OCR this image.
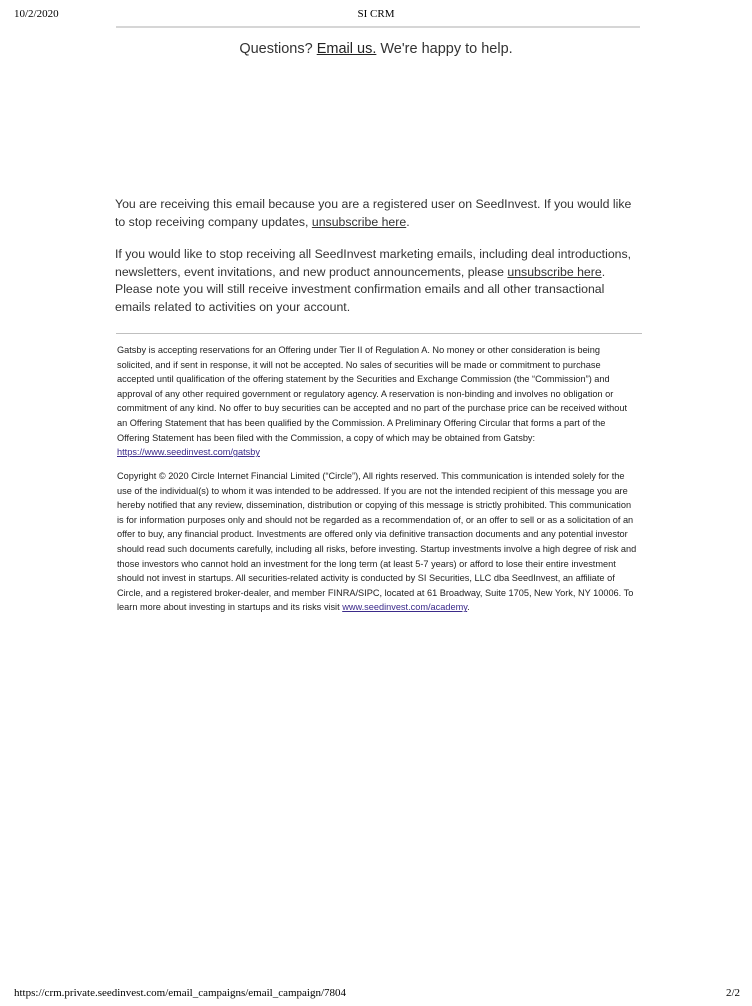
10/2/2020	SI CRM
Questions? Email us. We're happy to help.
You are receiving this email because you are a registered user on SeedInvest. If you would like to stop receiving company updates, unsubscribe here.
If you would like to stop receiving all SeedInvest marketing emails, including deal introductions, newsletters, event invitations, and new product announcements, please unsubscribe here. Please note you will still receive investment confirmation emails and all other transactional emails related to activities on your account.
Gatsby is accepting reservations for an Offering under Tier II of Regulation A. No money or other consideration is being solicited, and if sent in response, it will not be accepted. No sales of securities will be made or commitment to purchase accepted until qualification of the offering statement by the Securities and Exchange Commission (the “Commission”) and approval of any other required government or regulatory agency. A reservation is non-binding and involves no obligation or commitment of any kind. No offer to buy securities can be accepted and no part of the purchase price can be received without an Offering Statement that has been qualified by the Commission. A Preliminary Offering Circular that forms a part of the Offering Statement has been filed with the Commission, a copy of which may be obtained from Gatsby: https://www.seedinvest.com/gatsby
Copyright © 2020 Circle Internet Financial Limited (“Circle”), All rights reserved. This communication is intended solely for the use of the individual(s) to whom it was intended to be addressed. If you are not the intended recipient of this message you are hereby notified that any review, dissemination, distribution or copying of this message is strictly prohibited. This communication is for information purposes only and should not be regarded as a recommendation of, or an offer to sell or as a solicitation of an offer to buy, any financial product. Investments are offered only via definitive transaction documents and any potential investor should read such documents carefully, including all risks, before investing. Startup investments involve a high degree of risk and those investors who cannot hold an investment for the long term (at least 5-7 years) or afford to lose their entire investment should not invest in startups. All securities-related activity is conducted by SI Securities, LLC dba SeedInvest, an affiliate of Circle, and a registered broker-dealer, and member FINRA/SIPC, located at 61 Broadway, Suite 1705, New York, NY 10006. To learn more about investing in startups and its risks visit www.seedinvest.com/academy.
https://crm.private.seedinvest.com/email_campaigns/email_campaign/7804	2/2
